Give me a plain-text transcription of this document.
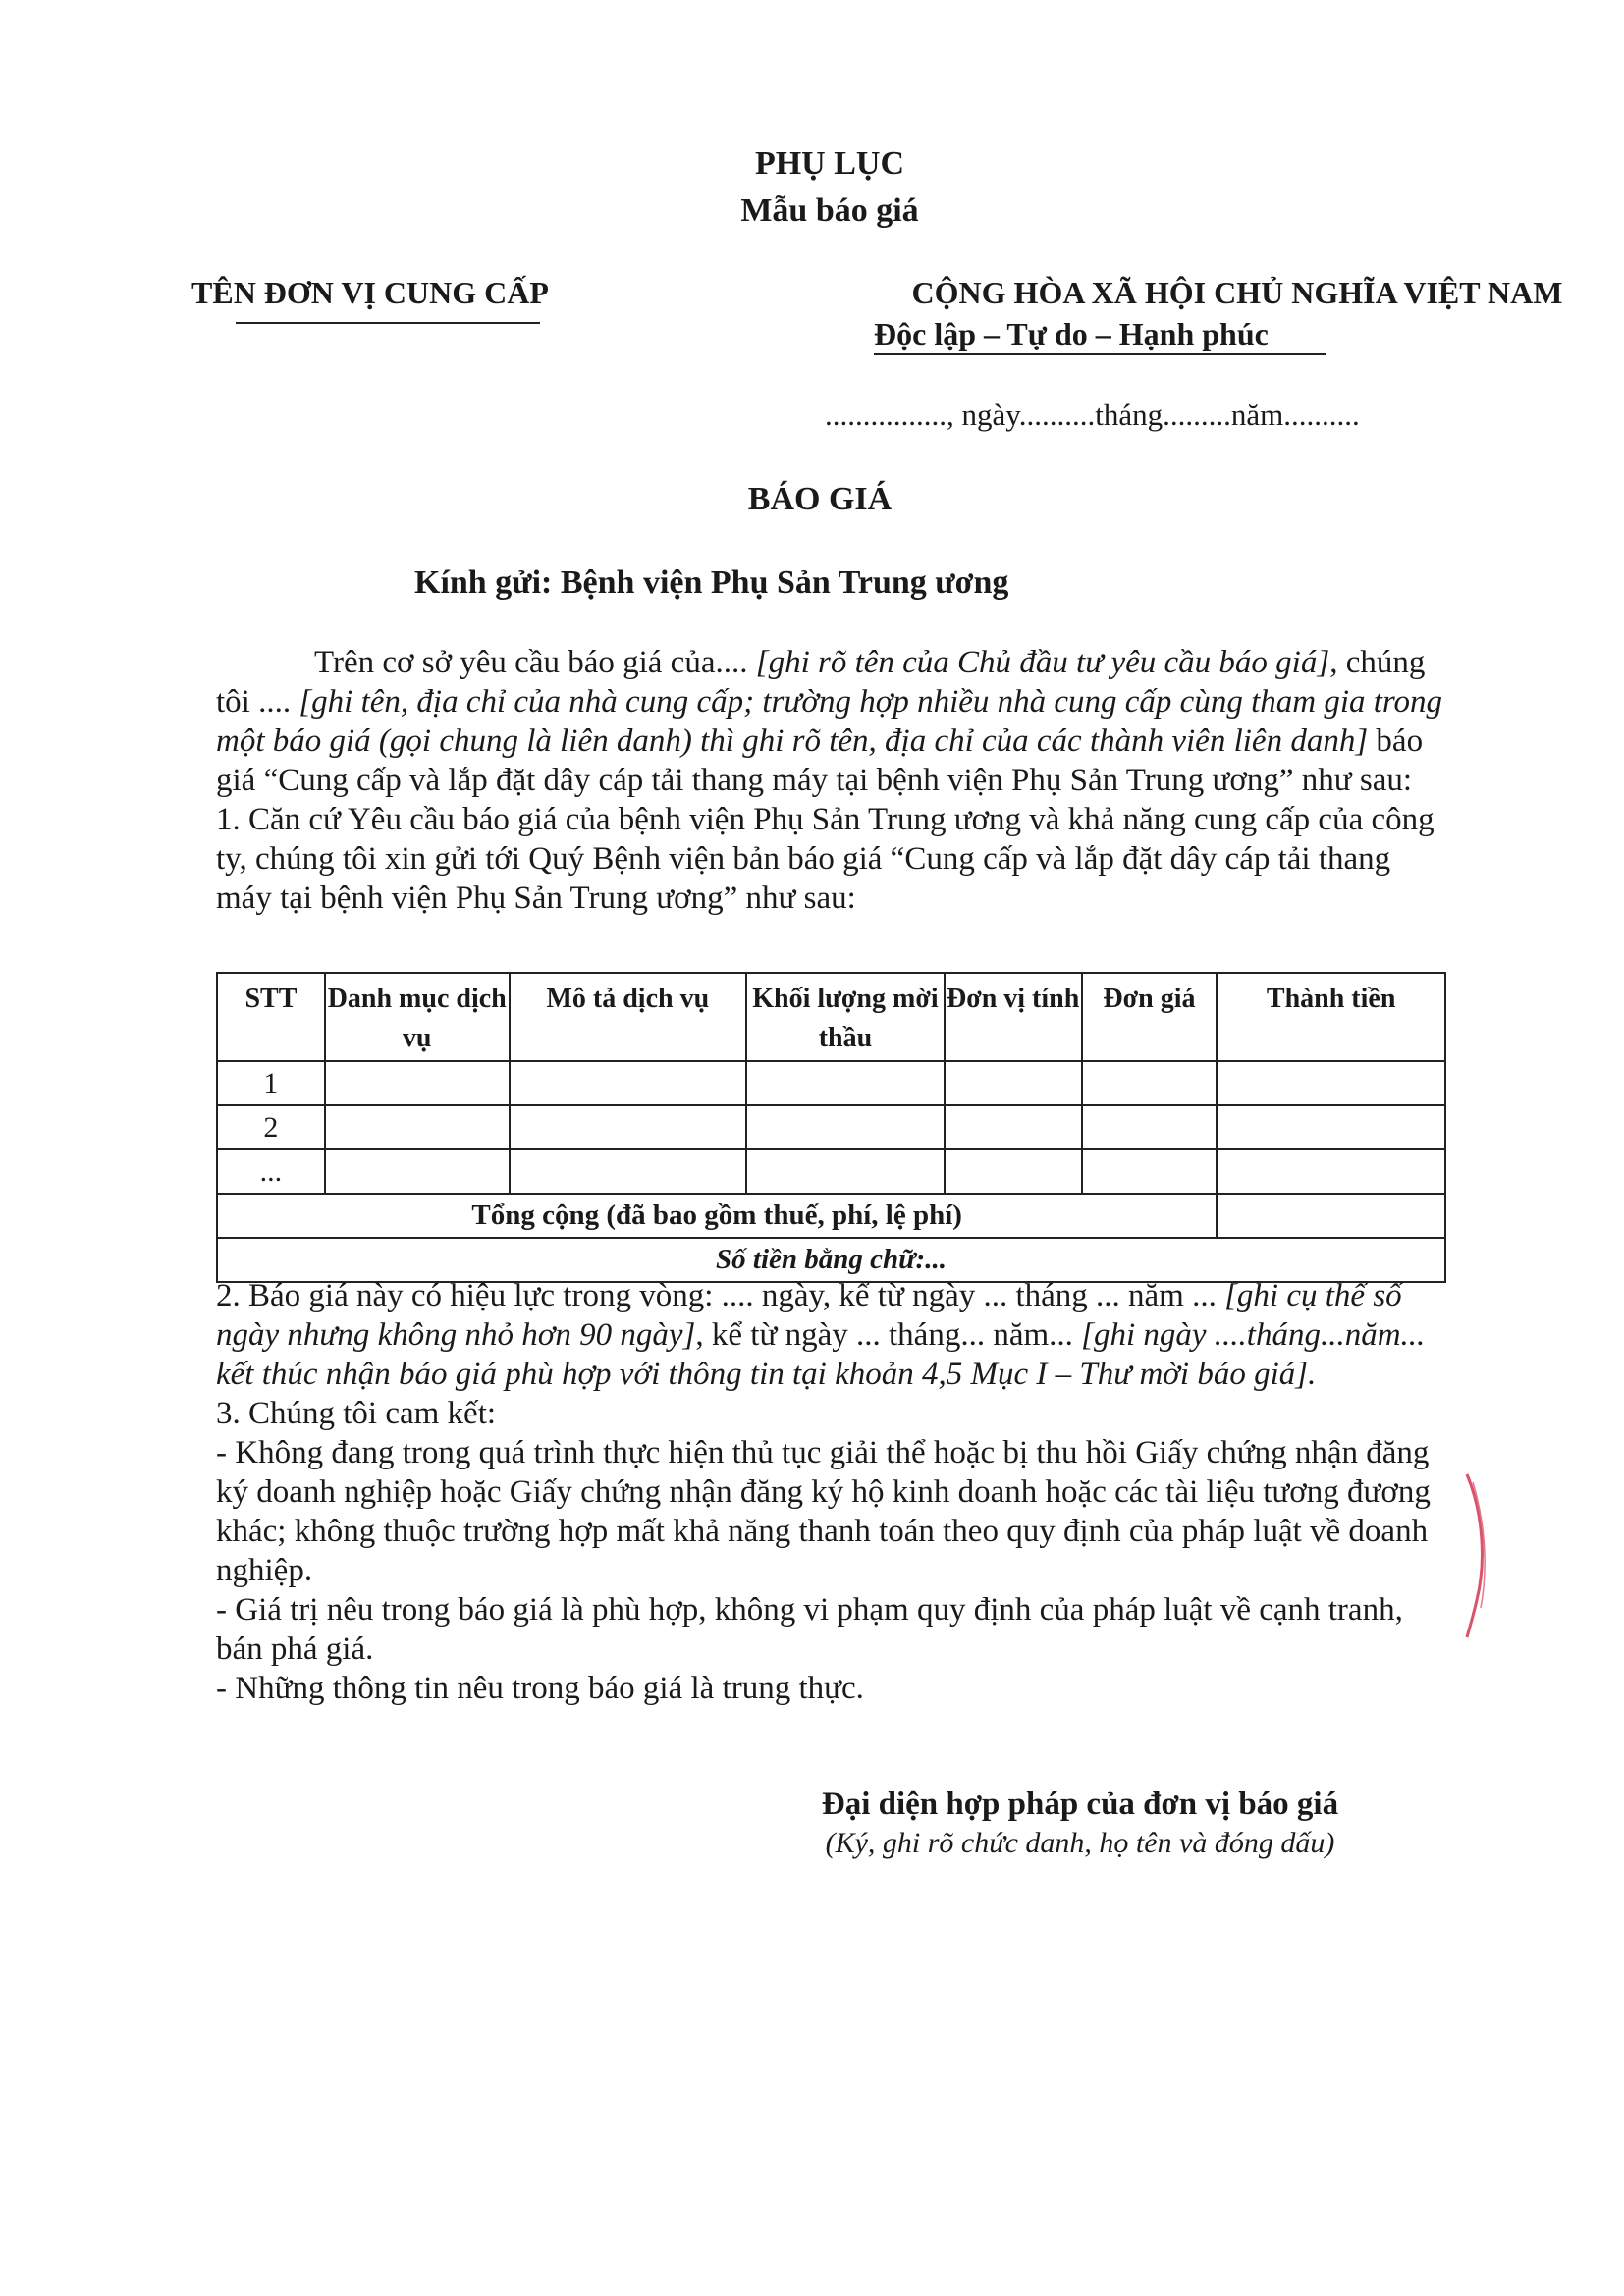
PHỤ LỤC
Mẫu báo giá
TÊN ĐƠN VỊ CUNG CẤP	CỘNG HÒA XÃ HỘI CHỦ NGHĨA VIỆT NAM
Độc lập – Tự do – Hạnh phúc
................, ngày..........tháng.........năm..........
BÁO GIÁ
Kính gửi: Bệnh viện Phụ Sản Trung ương

Trên cơ sở yêu cầu báo giá của.... [ghi rõ tên của Chủ đầu tư yêu cầu báo giá], chúng tôi .... [ghi tên, địa chỉ của nhà cung cấp; trường hợp nhiều nhà cung cấp cùng tham gia trong một báo giá (gọi chung là liên danh) thì ghi rõ tên, địa chỉ của các thành viên liên danh] báo giá “Cung cấp và lắp đặt dây cáp tải thang máy tại bệnh viện Phụ Sản Trung ương” như sau:

1. Căn cứ Yêu cầu báo giá của bệnh viện Phụ Sản Trung ương và khả năng cung cấp của công ty, chúng tôi xin gửi tới Quý Bệnh viện bản báo giá “Cung cấp và lắp đặt dây cáp tải thang máy tại bệnh viện Phụ Sản Trung ương” như sau:

STT	Danh mục dịch vụ	Mô tả dịch vụ	Khối lượng mời thầu	Đơn vị tính	Đơn giá	Thành tiền
1						
2						
...						
Tổng cộng (đã bao gồm thuế, phí, lệ phí)						
Số tiền bằng chữ:...						

2. Báo giá này có hiệu lực trong vòng: .... ngày, kể từ ngày ... tháng ... năm ... [ghi cụ thể số ngày nhưng không nhỏ hơn 90 ngày], kể từ ngày ... tháng... năm... [ghi ngày ....tháng...năm... kết thúc nhận báo giá phù hợp với thông tin tại khoản 4,5 Mục I – Thư mời báo giá].

3. Chúng tôi cam kết:

- Không đang trong quá trình thực hiện thủ tục giải thể hoặc bị thu hồi Giấy chứng nhận đăng ký doanh nghiệp hoặc Giấy chứng nhận đăng ký hộ kinh doanh hoặc các tài liệu tương đương khác; không thuộc trường hợp mất khả năng thanh toán theo quy định của pháp luật về doanh nghiệp.

- Giá trị nêu trong báo giá là phù hợp, không vi phạm quy định của pháp luật về cạnh tranh, bán phá giá.

- Những thông tin nêu trong báo giá là trung thực.

Đại diện hợp pháp của đơn vị báo giá
(Ký, ghi rõ chức danh, họ tên và đóng dấu)
